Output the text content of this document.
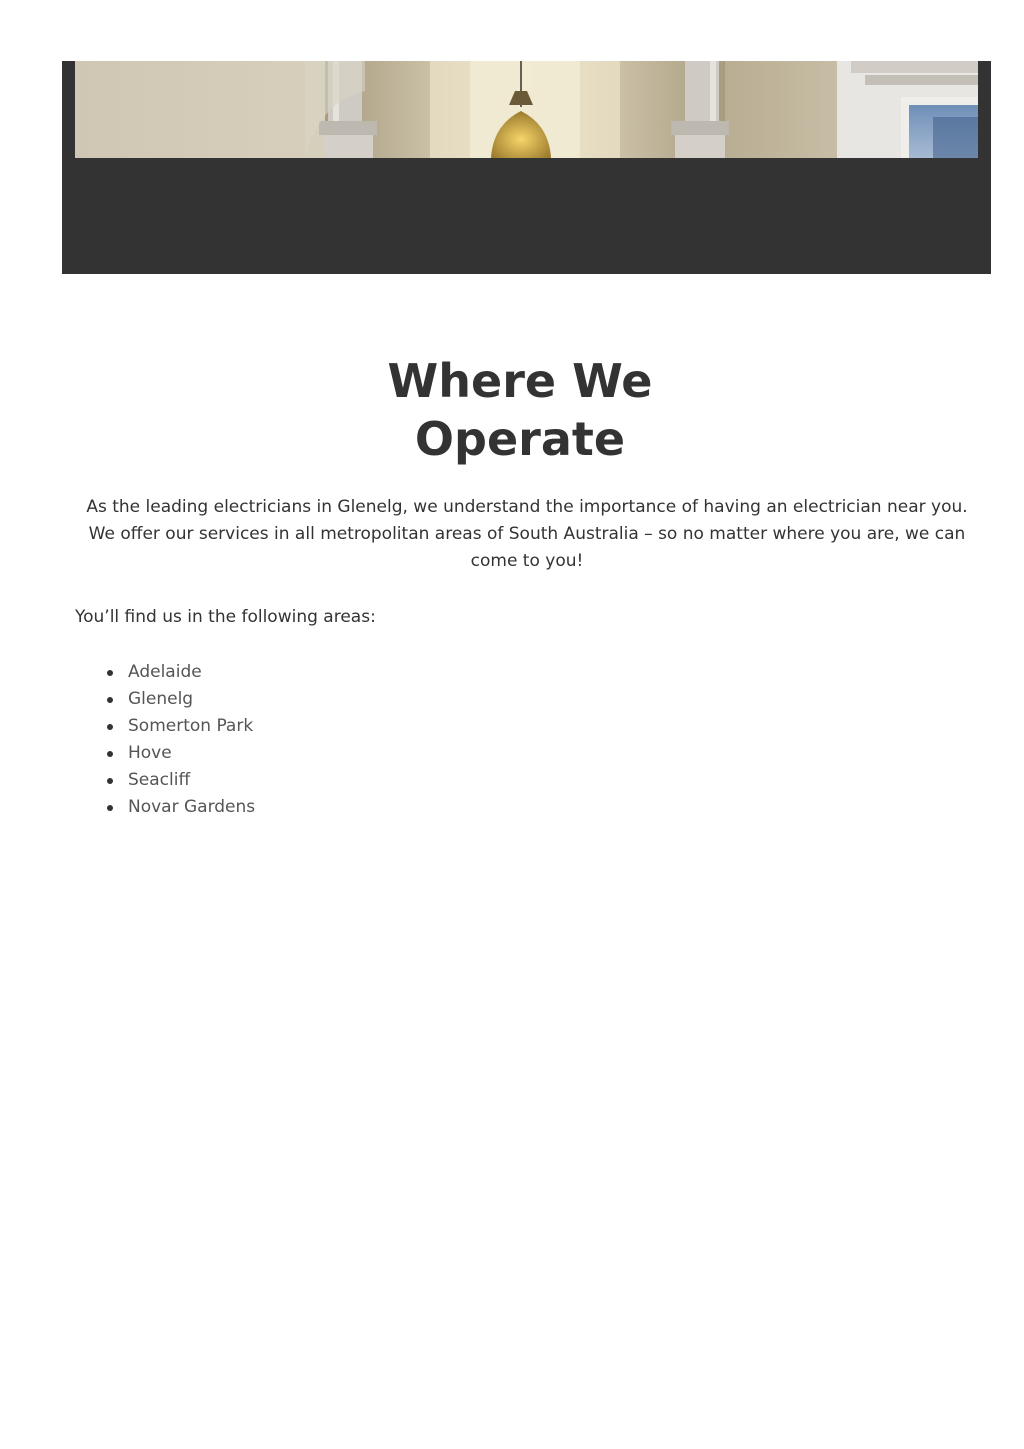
Where We
Operate

As the leading electricians in Glenelg, we understand the importance of having an electrician near you. We offer our services in all metropolitan areas of South Australia – so no matter where you are, we can come to you!

You’ll find us in the following areas:

Adelaide
Glenelg
Somerton Park
Hove
Seacliff
Novar Gardens
